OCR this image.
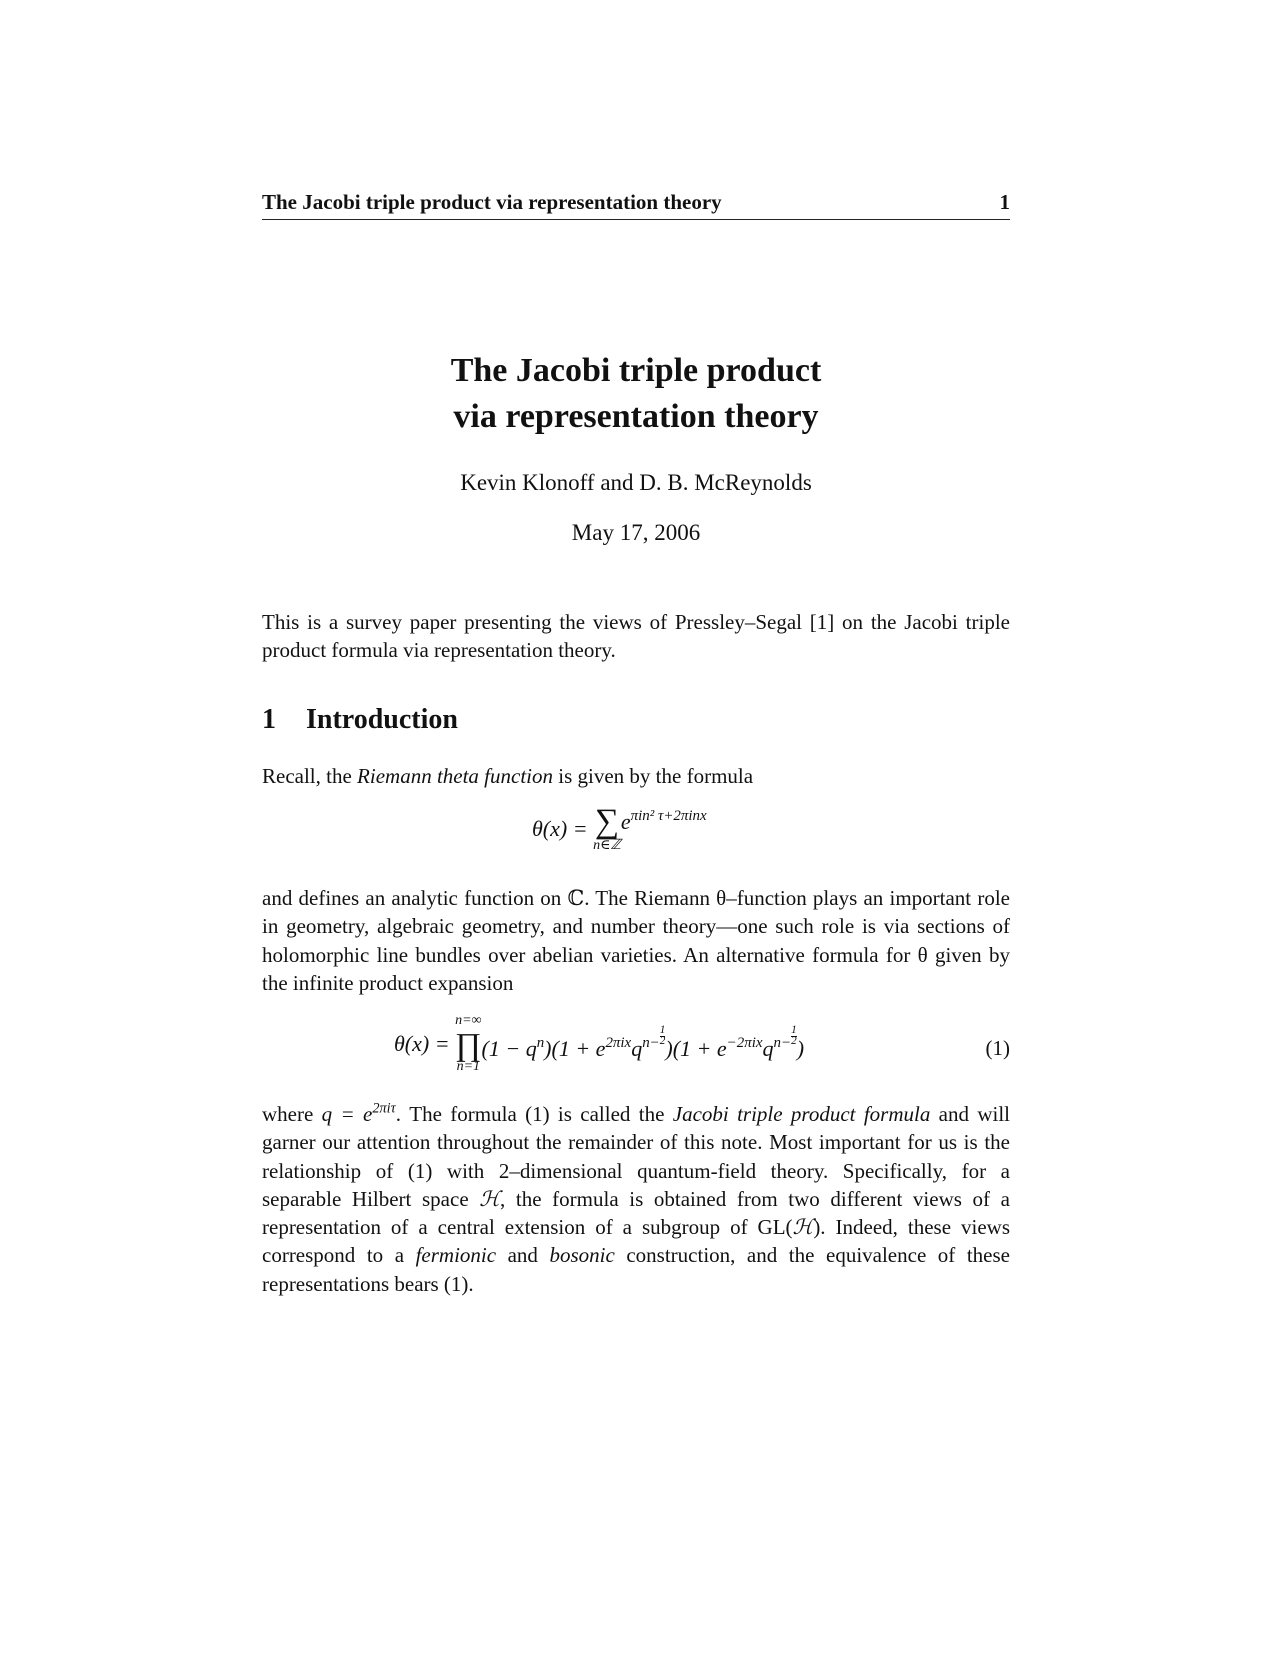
The Jacobi triple product via representation theory	1
The Jacobi triple product
via representation theory
Kevin Klonoff and D. B. McReynolds
May 17, 2006
This is a survey paper presenting the views of Pressley–Segal [1] on the Jacobi triple product formula via representation theory.
1 Introduction
Recall, the Riemann theta function is given by the formula
θ(x) = ∑
n∈ℤ
$e^{\pi in^2 \tau+2\pi inx}$
and defines an analytic function on ℂ. The Riemann θ–function plays an important role in geometry, algebraic geometry, and number theory—one such role is via sections of holomorphic line bundles over abelian varieties. An alternative formula for θ given by the infinite product expansion
θ(x) =
n=∞
∏
n=1
$(1 - q^n)(1 + e^{2\pi ix}q^{n- \frac{1}{2}}$ )($1 + e^{-2\pi ix}q^{n- \frac{1}{2}}$ )	(1)
where $q = e^{2\pi i\tau}$. The formula (1) is called the Jacobi triple product formula and will garner our attention throughout the remainder of this note. Most important for us is the relationship of (1) with 2–dimensional quantum-field theory. Specifically, for a separable Hilbert space ℋ, the formula is obtained from two different views of a representation of a central extension of a subgroup of GL(ℋ). Indeed, these views correspond to a fermionic and bosonic construction, and the equivalence of these representations bears (1).
